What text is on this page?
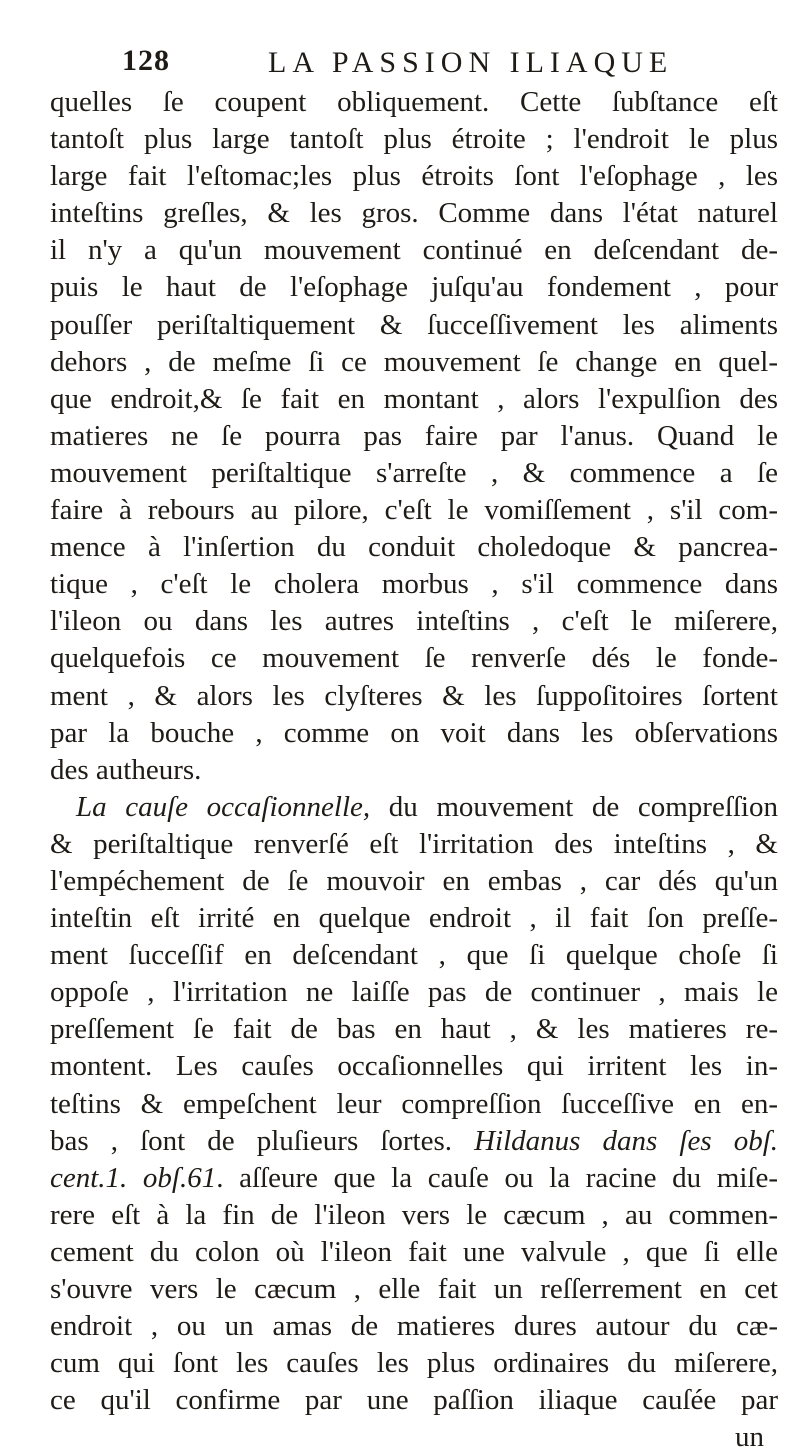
128	LA PASSION ILIAQUE
quelles ſe coupent obliquement. Cette ſubſtance eſt
tantoſt plus large tantoſt plus étroite ; l'endroit le plus
large fait l'eſtomac;les plus étroits ſont l'eſophage , les
inteſtins greſles, & les gros. Comme dans l'état naturel
il n'y a qu'un mouvement continué en deſcendant de-
puis le haut de l'eſophage juſqu'au fondement , pour
pouſſer periſtaltiquement & ſucceſſivement les aliments
dehors , de meſme ſi ce mouvement ſe change en quel-
que endroit,& ſe fait en montant , alors l'expulſion des
matieres ne ſe pourra pas faire par l'anus. Quand le
mouvement periſtaltique s'arreſte , & commence a ſe
faire à rebours au pilore, c'eſt le vomiſſement , s'il com-
mence à l'inſertion du conduit choledoque & pancrea-
tique , c'eſt le cholera morbus , s'il commence dans
l'ileon ou dans les autres inteſtins , c'eſt le miſerere,
quelquefois ce mouvement ſe renverſe dés le fonde-
ment , & alors les clyſteres & les ſuppoſitoires ſortent
par la bouche , comme on voit dans les obſervations
des autheurs.
La cauſe occaſionnelle, du mouvement de compreſſion
& periſtaltique renverſé eſt l'irritation des inteſtins , &
l'empéchement de ſe mouvoir en embas , car dés qu'un
inteſtin eſt irrité en quelque endroit , il fait ſon preſſe-
ment ſucceſſif en deſcendant , que ſi quelque choſe ſi
oppoſe , l'irritation ne laiſſe pas de continuer , mais le
preſſement ſe fait de bas en haut , & les matieres re-
montent. Les cauſes occaſionnelles qui irritent les in-
teſtins & empeſchent leur compreſſion ſucceſſive en en-
bas , ſont de pluſieurs ſortes. Hildanus dans ſes obſ.
cent.1. obſ.61. aſſeure que la cauſe ou la racine du miſe-
rere eſt à la fin de l'ileon vers le cæcum , au commen-
cement du colon où l'ileon fait une valvule , que ſi elle
s'ouvre vers le cæcum , elle fait un reſſerrement en cet
endroit , ou un amas de matieres dures autour du cæ-
cum qui ſont les cauſes les plus ordinaires du miſerere,
ce qu'il confirme par une paſſion iliaque cauſée par
un
